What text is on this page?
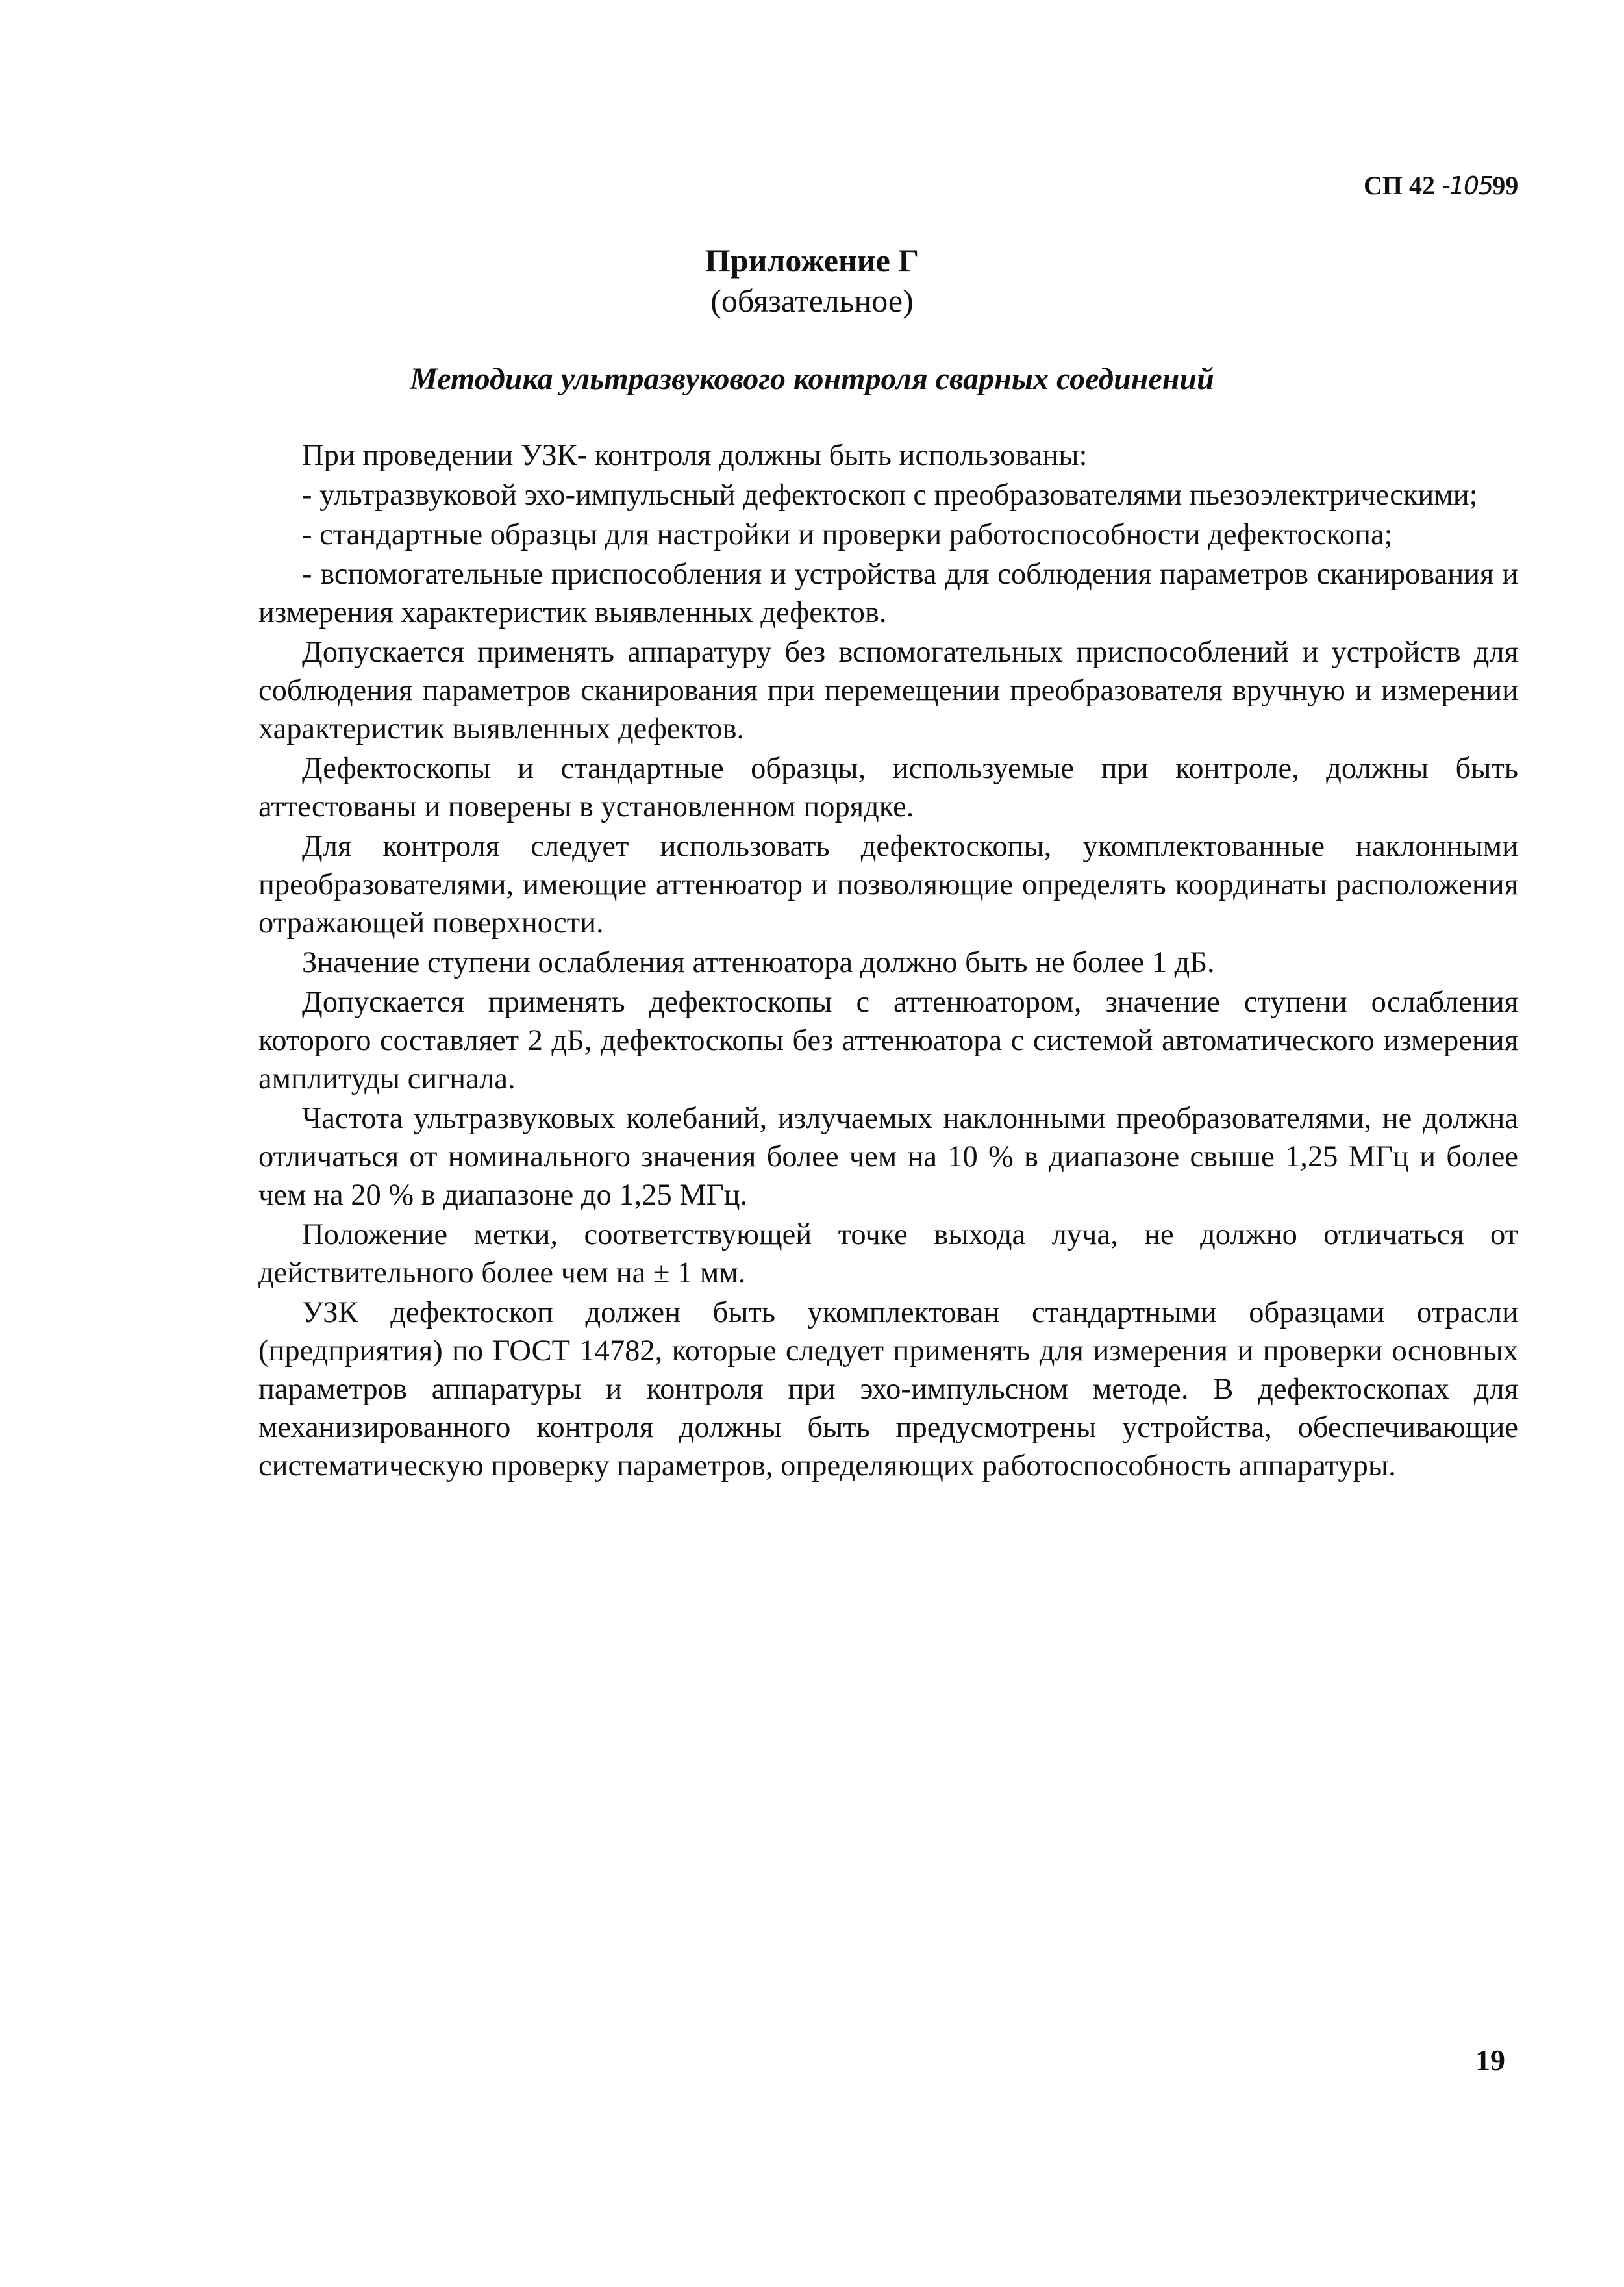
СП 42 -10599
Приложение Г
(обязательное)
Методика ультразвукового контроля сварных соединений

При проведении УЗК- контроля должны быть использованы:

- ультразвуковой эхо-импульсный дефектоскоп с преобразователями пьезоэлектрическими;

- стандартные образцы для настройки и проверки работоспособности дефектоскопа;

- вспомогательные приспособления и устройства для соблюдения параметров сканирования и измерения характеристик выявленных дефектов.

Допускается применять аппаратуру без вспомогательных приспособлений и устройств для соблюдения параметров сканирования при перемещении преобразователя вручную и измерении характеристик выявленных дефектов.

Дефектоскопы и стандартные образцы, используемые при контроле, должны быть аттестованы и поверены в установленном порядке.

Для контроля следует использовать дефектоскопы, укомплектованные наклонными преобразователями, имеющие аттенюатор и позволяющие определять координаты расположения отражающей поверхности.

Значение ступени ослабления аттенюатора должно быть не более 1 дБ.

Допускается применять дефектоскопы с аттенюатором, значение ступени ослабления которого составляет 2 дБ, дефектоскопы без аттенюатора с системой автоматического измерения амплитуды сигнала.

Частота ультразвуковых колебаний, излучаемых наклонными преобразователями, не должна отличаться от номинального значения более чем на 10 % в диапазоне свыше 1,25 МГц и более чем на 20 % в диапазоне до 1,25 МГц.

Положение метки, соответствующей точке выхода луча, не должно отличаться от действительного более чем на ± 1 мм.

УЗК дефектоскоп должен быть укомплектован стандартными образцами отрасли (предприятия) по ГОСТ 14782, которые следует применять для измерения и проверки основных параметров аппаратуры и контроля при эхо-импульсном методе. В дефектоскопах для механизированного контроля должны быть предусмотрены устройства, обеспечивающие систематическую проверку параметров, определяющих работоспособность аппаратуры.

19
